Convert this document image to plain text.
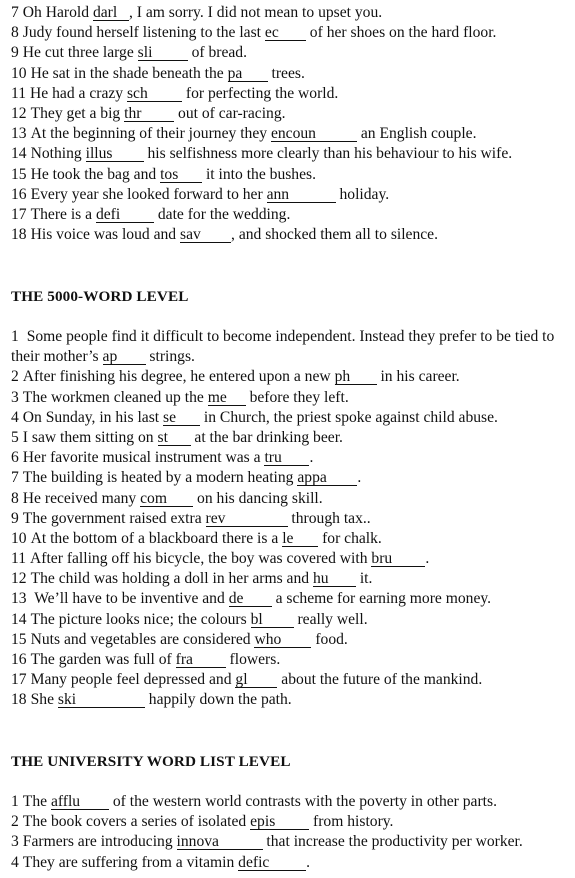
7 Oh Harold darl , I am sorry. I did not mean to upset you.
8 Judy found herself listening to the last ec of her shoes on the hard floor.
9 He cut three large sli of bread.
10 He sat in the shade beneath the pa trees.
11 He had a crazy sch for perfecting the world.
12 They get a big thr out of car-racing.
13 At the beginning of their journey they encoun	an English couple.
14 Nothing illus his selfishness more clearly than his behaviour to his wife.
15 He took the bag and tos it into the bushes.
16 Every year she looked forward to her ann	holiday.
17 There is a defi date for the wedding.
18 His voice was loud and sav , and shocked them all to silence.
THE 5000-WORD LEVEL
1 Some people find it difficult to become independent. Instead they prefer to be tied to their mother’s ap strings.
2 After finishing his degree, he entered upon a new ph in his career.
3 The workmen cleaned up the me before they left.
4 On Sunday, in his last se in Church, the priest spoke against child abuse.
5 I saw them sitting on st at the bar drinking beer.
6 Her favorite musical instrument was a tru .
7 The building is heated by a modern heating appa .
8 He received many com on his dancing skill.
9 The government raised extra rev	through tax..
10 At the bottom of a blackboard there is a le for chalk.
11 After falling off his bicycle, the boy was covered with bru .
12 The child was holding a doll in her arms and hu it.
13 We’ll have to be inventive and de a scheme for earning more money.
14 The picture looks nice; the colours bl really well.
15 Nuts and vegetables are considered who food.
16 The garden was full of fra flowers.
17 Many people feel depressed and gl about the future of the mankind.
18 She ski	happily down the path.
THE UNIVERSITY WORD LIST LEVEL
1 The afflu of the western world contrasts with the poverty in other parts.
2 The book covers a series of isolated epis from history.
3 Farmers are introducing innova	that increase the productivity per worker.
4 They are suffering from a vitamin defic .
